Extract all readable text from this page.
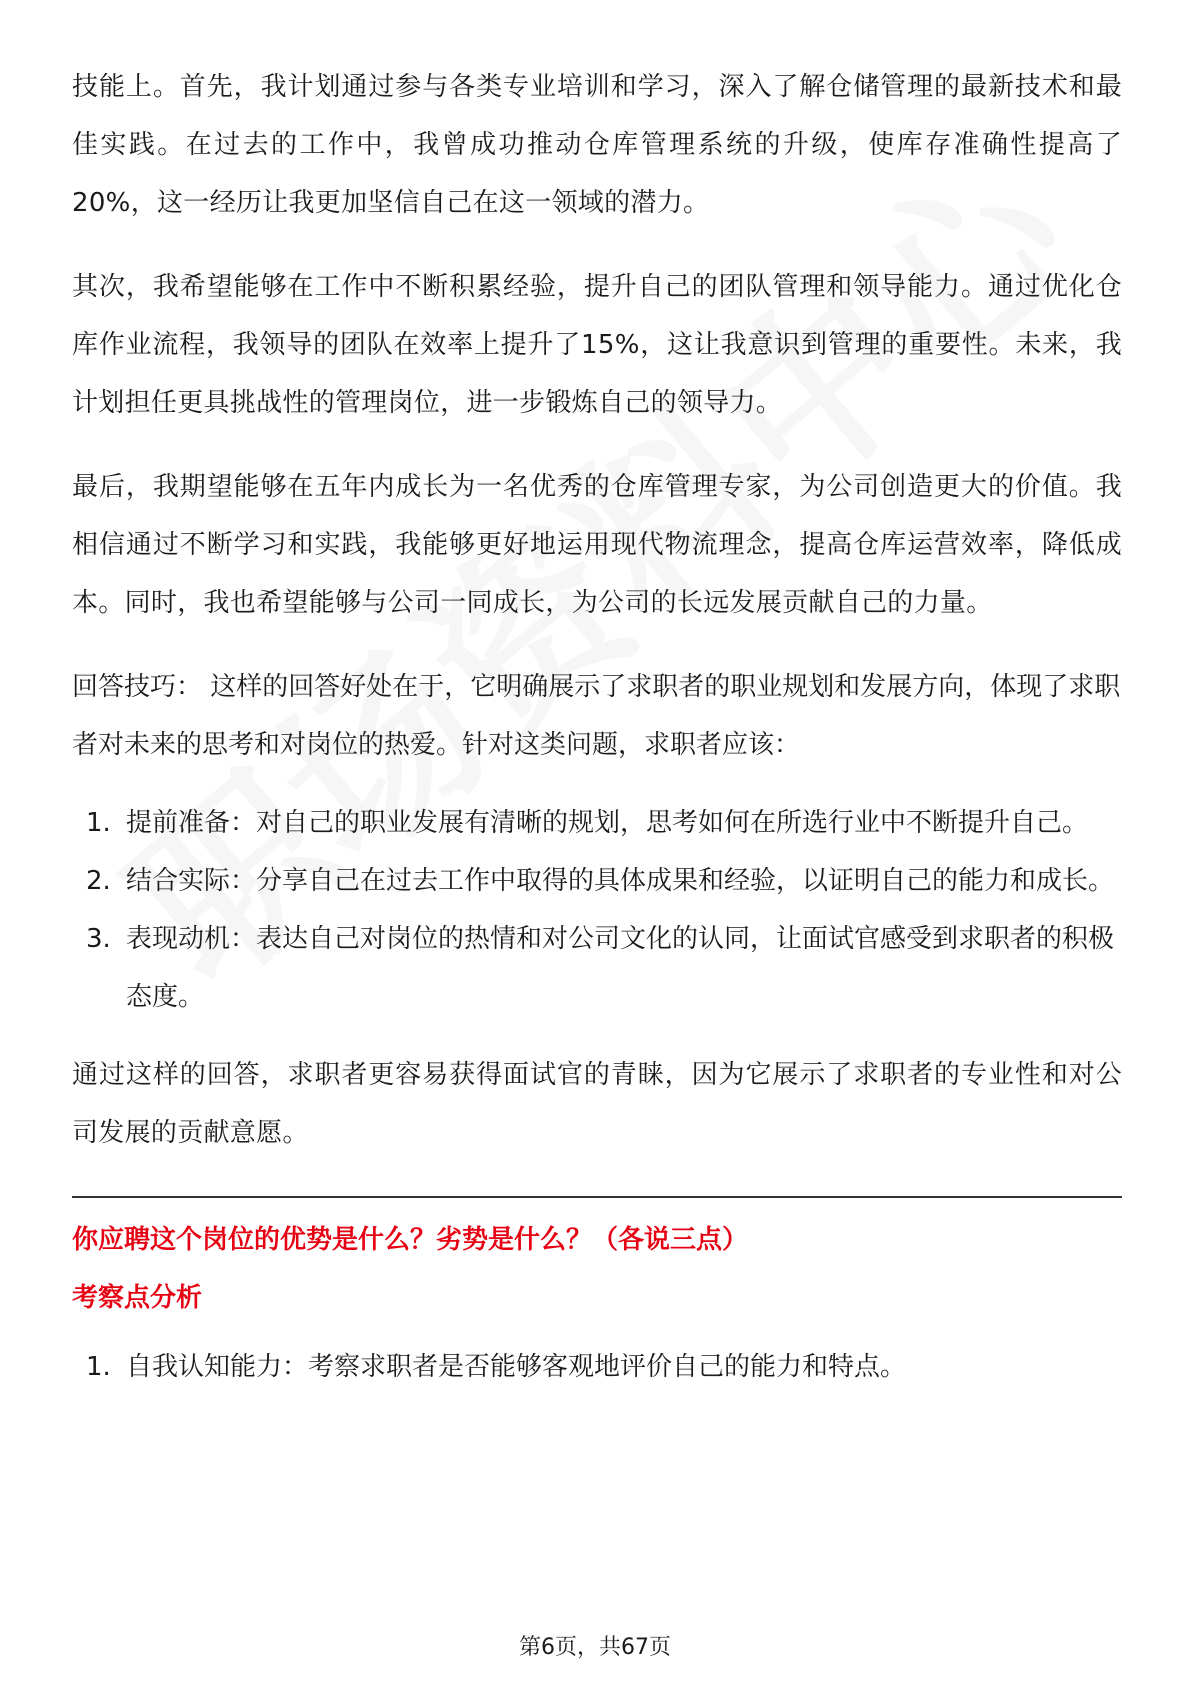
技能上。首先，我计划通过参与各类专业培训和学习，深入了解仓储管理的最新技术和最佳实践。在过去的工作中，我曾成功推动仓库管理系统的升级，使库存准确性提高了20%，这一经历让我更加坚信自己在这一领域的潜力。

其次，我希望能够在工作中不断积累经验，提升自己的团队管理和领导能力。通过优化仓库作业流程，我领导的团队在效率上提升了15%，这让我意识到管理的重要性。未来，我计划担任更具挑战性的管理岗位，进一步锻炼自己的领导力。

最后，我期望能够在五年内成长为一名优秀的仓库管理专家，为公司创造更大的价值。我相信通过不断学习和实践，我能够更好地运用现代物流理念，提高仓库运营效率，降低成本。同时，我也希望能够与公司一同成长，为公司的长远发展贡献自己的力量。

回答技巧： 这样的回答好处在于，它明确展示了求职者的职业规划和发展方向，体现了求职者对未来的思考和对岗位的热爱。针对这类问题，求职者应该：

1. 提前准备：对自己的职业发展有清晰的规划，思考如何在所选行业中不断提升自己。
2. 结合实际：分享自己在过去工作中取得的具体成果和经验，以证明自己的能力和成长。
3. 表现动机：表达自己对岗位的热情和对公司文化的认同，让面试官感受到求职者的积极态度。

通过这样的回答，求职者更容易获得面试官的青睐，因为它展示了求职者的专业性和对公司发展的贡献意愿。

你应聘这个岗位的优势是什么？劣势是什么？（各说三点）

考察点分析

1. 自我认知能力：考察求职者是否能够客观地评价自己的能力和特点。
第6页，共67页
